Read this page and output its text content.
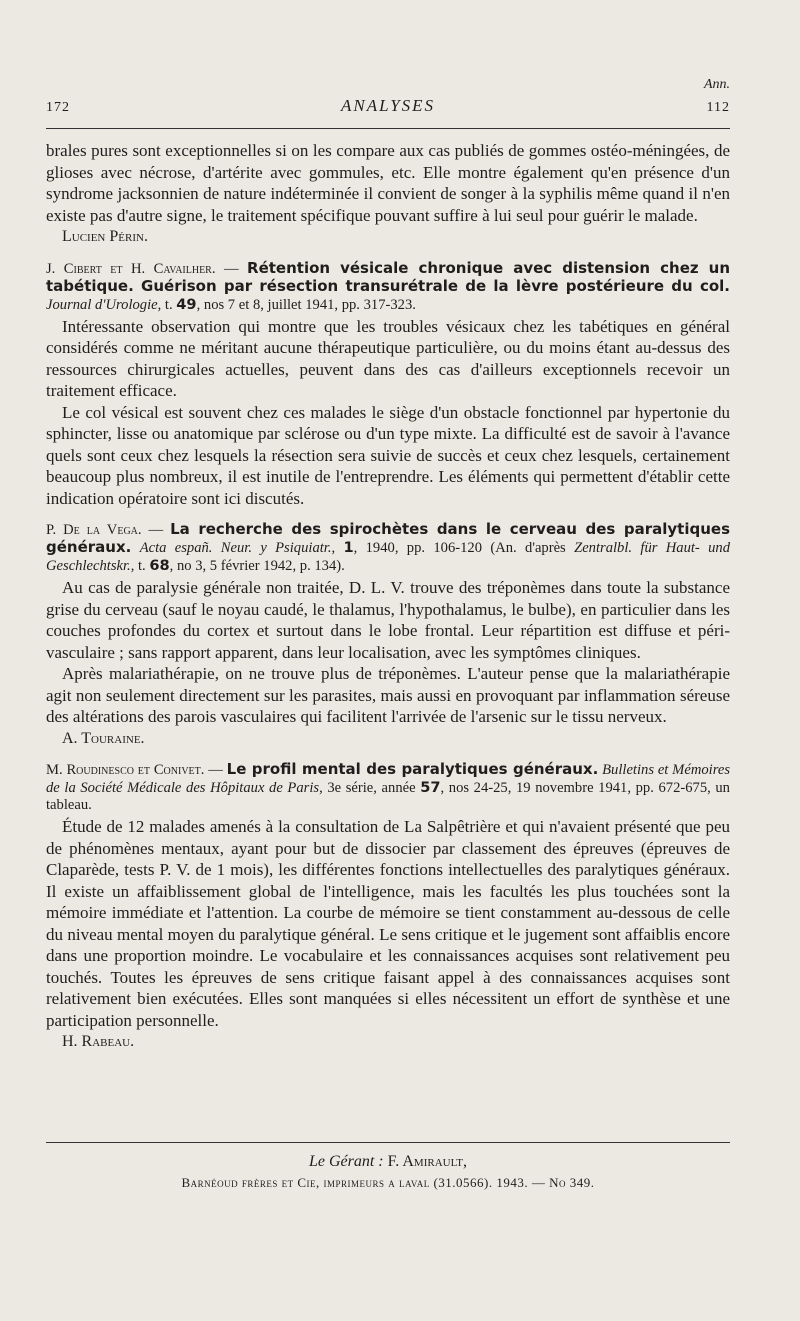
172	ANALYSES
Ann.
112

brales pures sont exceptionnelles si on les compare aux cas publiés de gommes ostéo-méningées, de glioses avec nécrose, d'artérite avec gommules, etc. Elle montre également qu'en présence d'un syndrome jacksonnien de nature indéterminée il convient de songer à la syphilis même quand il n'en existe pas d'autre signe, le traitement spécifique pouvant suffire à lui seul pour guérir le malade.

Lucien Périn.

J. Cibert et H. Cavailher. — Rétention vésicale chronique avec distension chez un tabétique. Guérison par résection transurétrale de la lèvre postérieure du col. Journal d'Urologie, t. 49, nos 7 et 8, juillet 1941, pp. 317-323.

Intéressante observation qui montre que les troubles vésicaux chez les tabétiques en général considérés comme ne méritant aucune thérapeutique particulière, ou du moins étant au-dessus des ressources chirurgicales actuelles, peuvent dans des cas d'ailleurs exceptionnels recevoir un traitement efficace.

Le col vésical est souvent chez ces malades le siège d'un obstacle fonctionnel par hypertonie du sphincter, lisse ou anatomique par sclérose ou d'un type mixte. La difficulté est de savoir à l'avance quels sont ceux chez lesquels la résection sera suivie de succès et ceux chez lesquels, certainement beaucoup plus nombreux, il est inutile de l'entreprendre. Les éléments qui permettent d'établir cette indication opératoire sont ici discutés.

P. De la Vega. — La recherche des spirochètes dans le cerveau des paralytiques généraux. Acta españ. Neur. y Psiquiatr., 1, 1940, pp. 106-120 (An. d'après Zentralbl. für Haut- und Geschlechtskr., t. 68, no 3, 5 février 1942, p. 134).

Au cas de paralysie générale non traitée, D. L. V. trouve des tréponèmes dans toute la substance grise du cerveau (sauf le noyau caudé, le thalamus, l'hypothalamus, le bulbe), en particulier dans les couches profondes du cortex et surtout dans le lobe frontal. Leur répartition est diffuse et péri-vasculaire ; sans rapport apparent, dans leur localisation, avec les symptômes cliniques.

Après malariathérapie, on ne trouve plus de tréponèmes. L'auteur pense que la malariathérapie agit non seulement directement sur les parasites, mais aussi en provoquant par inflammation séreuse des altérations des parois vasculaires qui facilitent l'arrivée de l'arsenic sur le tissu nerveux.

A. Touraine.

M. Roudinesco et Conivet. — Le profil mental des paralytiques généraux. Bulletins et Mémoires de la Société Médicale des Hôpitaux de Paris, 3e série, année 57, nos 24-25, 19 novembre 1941, pp. 672-675, un tableau.

Étude de 12 malades amenés à la consultation de La Salpêtrière et qui n'avaient présenté que peu de phénomènes mentaux, ayant pour but de dissocier par classement des épreuves (épreuves de Claparède, tests P. V. de 1 mois), les différentes fonctions intellectuelles des paralytiques généraux. Il existe un affaiblissement global de l'intelligence, mais les facultés les plus touchées sont la mémoire immédiate et l'attention. La courbe de mémoire se tient constamment au-dessous de celle du niveau mental moyen du paralytique général. Le sens critique et le jugement sont affaiblis encore dans une proportion moindre. Le vocabulaire et les connaissances acquises sont relativement peu touchés. Toutes les épreuves de sens critique faisant appel à des connaissances acquises sont relativement bien exécutées. Elles sont manquées si elles nécessitent un effort de synthèse et une participation personnelle.

H. Rabeau.

Le Gérant : F. Amirault,
Barnéoud frères et Cie, imprimeurs a laval (31.0566). 1943. — No 349.
